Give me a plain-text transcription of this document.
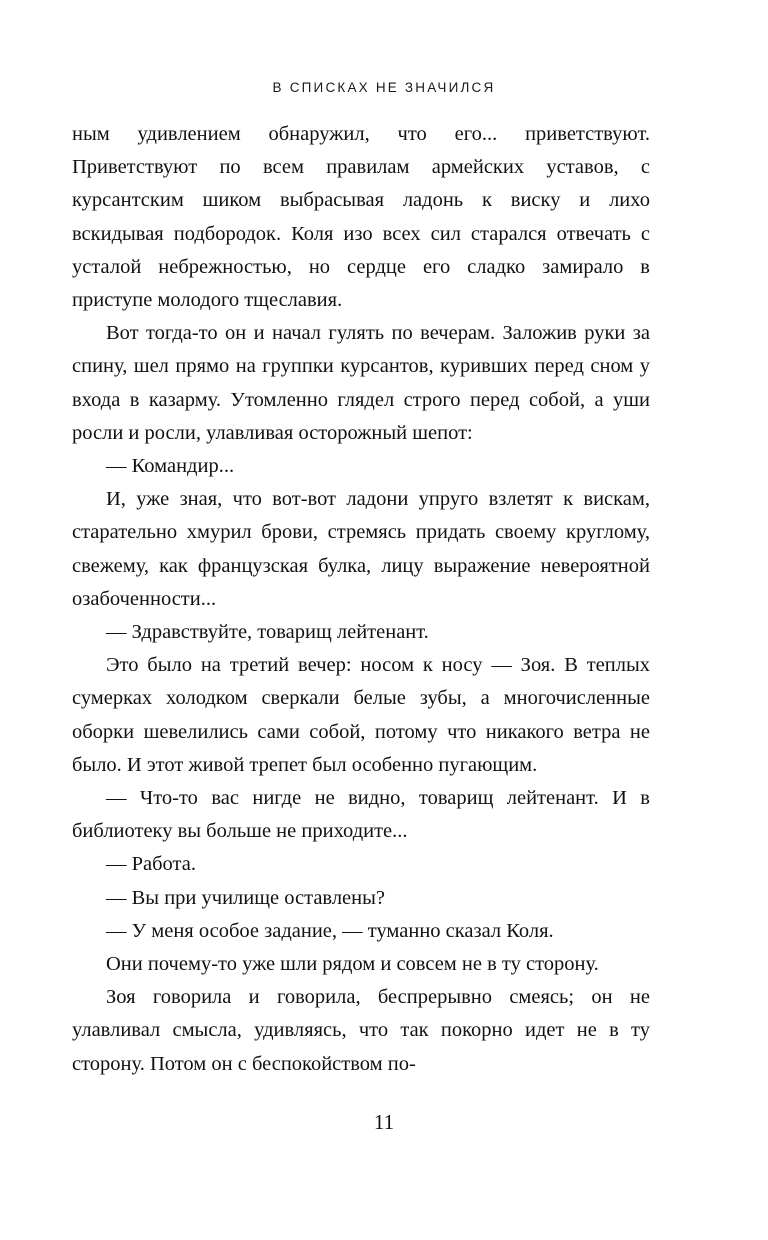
В СПИСКАХ НЕ ЗНАЧИЛСЯ

ным удивлением обнаружил, что его... приветствуют. Приветствуют по всем правилам армейских уставов, с курсантским шиком выбрасывая ладонь к виску и лихо вскидывая подбородок. Коля изо всех сил старался отвечать с усталой небрежностью, но сердце его сладко замирало в приступе молодого тщеславия.

Вот тогда-то он и начал гулять по вечерам. Заложив руки за спину, шел прямо на группки курсантов, куривших перед сном у входа в казарму. Утомленно глядел строго перед собой, а уши росли и росли, улавливая осторожный шепот:

— Командир...

И, уже зная, что вот-вот ладони упруго взлетят к вискам, старательно хмурил брови, стремясь придать своему круглому, свежему, как французская булка, лицу выражение невероятной озабоченности...

— Здравствуйте, товарищ лейтенант.

Это было на третий вечер: носом к носу — Зоя. В теплых сумерках холодком сверкали белые зубы, а многочисленные оборки шевелились сами собой, потому что никакого ветра не было. И этот живой трепет был особенно пугающим.

— Что-то вас нигде не видно, товарищ лейтенант. И в библиотеку вы больше не приходите...

— Работа.

— Вы при училище оставлены?

— У меня особое задание, — туманно сказал Коля.

Они почему-то уже шли рядом и совсем не в ту сторону.

Зоя говорила и говорила, беспрерывно смеясь; он не улавливал смысла, удивляясь, что так покорно идет не в ту сторону. Потом он с беспокойством по-

11
